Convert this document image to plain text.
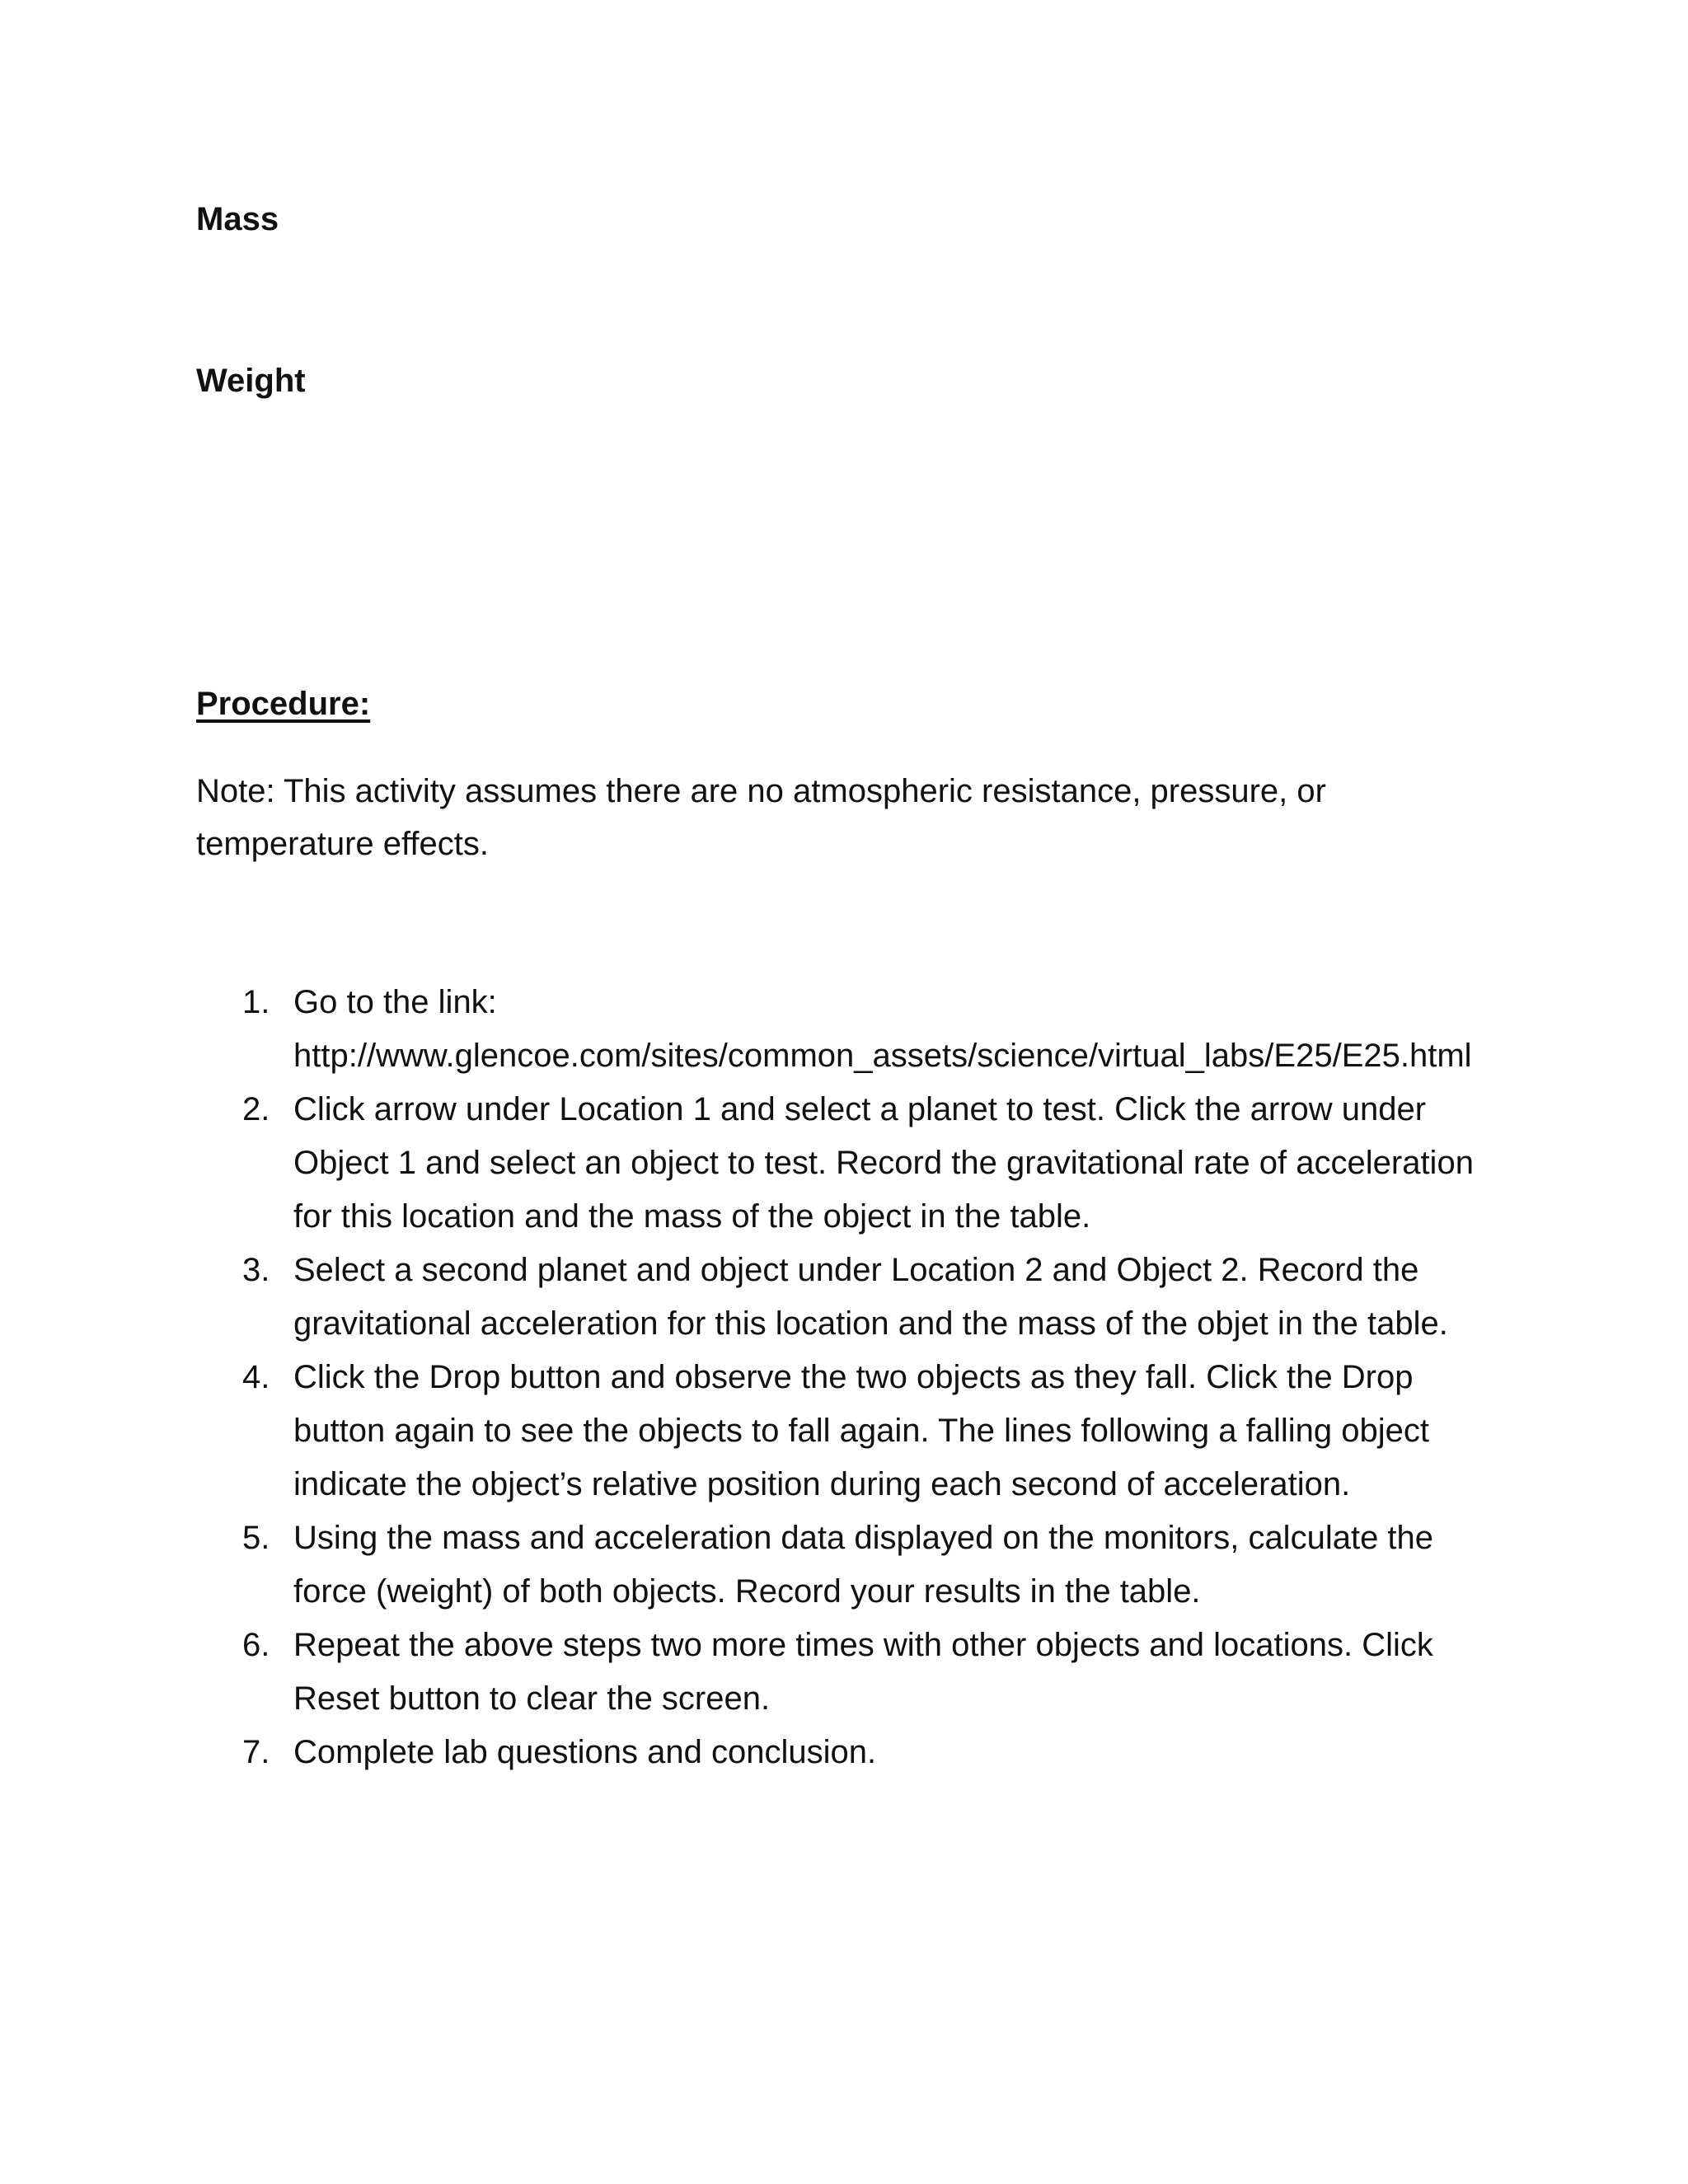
Mass
Weight
Procedure:

Note: This activity assumes there are no atmospheric resistance, pressure, or temperature effects.

1. Go to the link:
http://www.glencoe.com/sites/common_assets/science/virtual_labs/E25/E25.html
2. Click arrow under Location 1 and select a planet to test. Click the arrow under Object 1 and select an object to test. Record the gravitational rate of acceleration for this location and the mass of the object in the table.
3. Select a second planet and object under Location 2 and Object 2. Record the gravitational acceleration for this location and the mass of the objet in the table.
4. Click the Drop button and observe the two objects as they fall. Click the Drop button again to see the objects to fall again. The lines following a falling object indicate the object’s relative position during each second of acceleration.
5. Using the mass and acceleration data displayed on the monitors, calculate the force (weight) of both objects. Record your results in the table.
6. Repeat the above steps two more times with other objects and locations. Click Reset button to clear the screen.
7. Complete lab questions and conclusion.
